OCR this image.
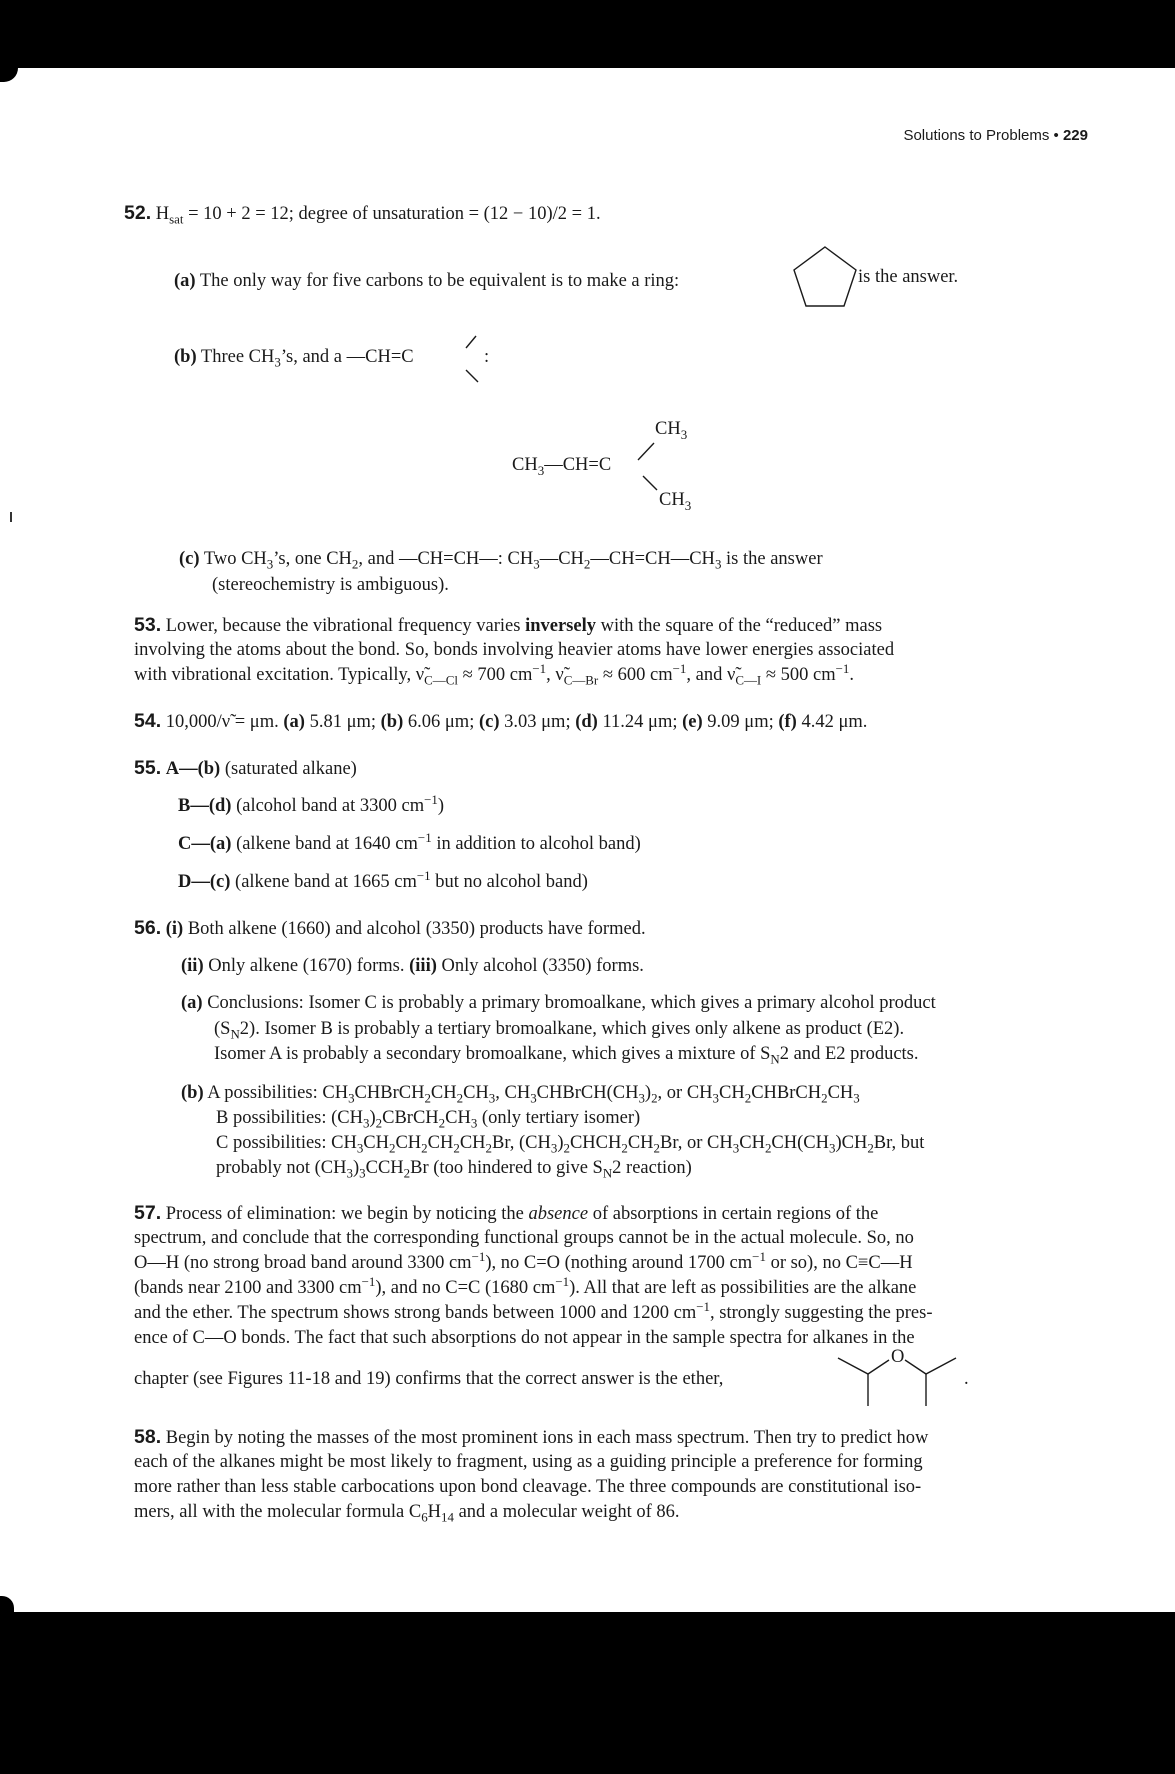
Solutions to Problems • 229
52. $H_{sat} = 10 + 2 = 12$; degree of unsaturation = (12 − 10)/2 = 1.
(a) The only way for five carbons to be equivalent is to make a ring:	is the answer.
(b) Three $CH_3’s$, and a —CH=C	:
$CH_3$
$CH_3—CH=C$
$CH_3$
(c) Two $CH_3’s$, one $CH_2$, and —CH=CH—: $CH_3—CH_2—CH=CH—CH_3$ is the answer
(stereochemistry is ambiguous).
53. Lower, because the vibrational frequency varies inversely with the square of the “reduced” mass
involving the atoms about the bond. So, bonds involving heavier atoms have lower energies associated
with vibrational excitation. Typically, $\nũ_{C—Cl} \approx 700$ $cm^{-1}$, $\nũ_{C—Br} \approx 600$ $cm^{-1}$, and $\nũ_{C—I} \approx 500$ $cm^{-1}$.
54. 10,000/ν̃ = μm. (a) 5.81 μm; (b) 6.06 μm; (c) 3.03 μm; (d) 11.24 μm; (e) 9.09 μm; (f) 4.42 μm.
55. A—(b) (saturated alkane)
B—(d) (alcohol band at 3300 $cm^{-1}$)
C—(a) (alkene band at 1640 $cm^{-1}$ in addition to alcohol band)
D—(c) (alkene band at 1665 $cm^{-1}$ but no alcohol band)
56. (i) Both alkene (1660) and alcohol (3350) products have formed.
(ii) Only alkene (1670) forms. (iii) Only alcohol (3350) forms.
(a) Conclusions: Isomer C is probably a primary bromoalkane, which gives a primary alcohol product
$(S_N2)$. Isomer B is probably a tertiary bromoalkane, which gives only alkene as product (E2).
Isomer A is probably a secondary bromoalkane, which gives a mixture of $S_N2$ and E2 products.
(b) A possibilities: $CH_3CHBrCH_2CH_2CH_3$, $CH_3CHBrCH(CH_3)_2$, or $CH_3CH_2CHBrCH_2CH_3$
B possibilities: $(CH_3)_2CBrCH_2CH_3$ (only tertiary isomer)
C possibilities: $CH_3CH_2CH_2CH_2CH_2Br$, $(CH_3)_2CHCH_2CH_2Br$, or $CH_3CH_2CH(CH_3)CH_2Br$, but
probably not $(CH_3)_3CCH_2Br$ (too hindered to give $S_N2$ reaction)
57. Process of elimination: we begin by noticing the absence of absorptions in certain regions of the
spectrum, and conclude that the corresponding functional groups cannot be in the actual molecule. So, no
O—H (no strong broad band around 3300 $cm^{-1}$), no C=O (nothing around 1700 $cm^{-1}$ or so), no C≡C—H
(bands near 2100 and 3300 $cm^{-1}$), and no C=C (1680 $cm^{-1}$). All that are left as possibilities are the alkane
and the ether. The spectrum shows strong bands between 1000 and 1200 $cm^{-1}$, strongly suggesting the pres-
ence of C—O bonds. The fact that such absorptions do not appear in the sample spectra for alkanes in the
chapter (see Figures 11-18 and 19) confirms that the correct answer is the ether,
O
.
58. Begin by noting the masses of the most prominent ions in each mass spectrum. Then try to predict how
each of the alkanes might be most likely to fragment, using as a guiding principle a preference for forming
more rather than less stable carbocations upon bond cleavage. The three compounds are constitutional iso-
mers, all with the molecular formula $C_6H_{14}$ and a molecular weight of 86.
